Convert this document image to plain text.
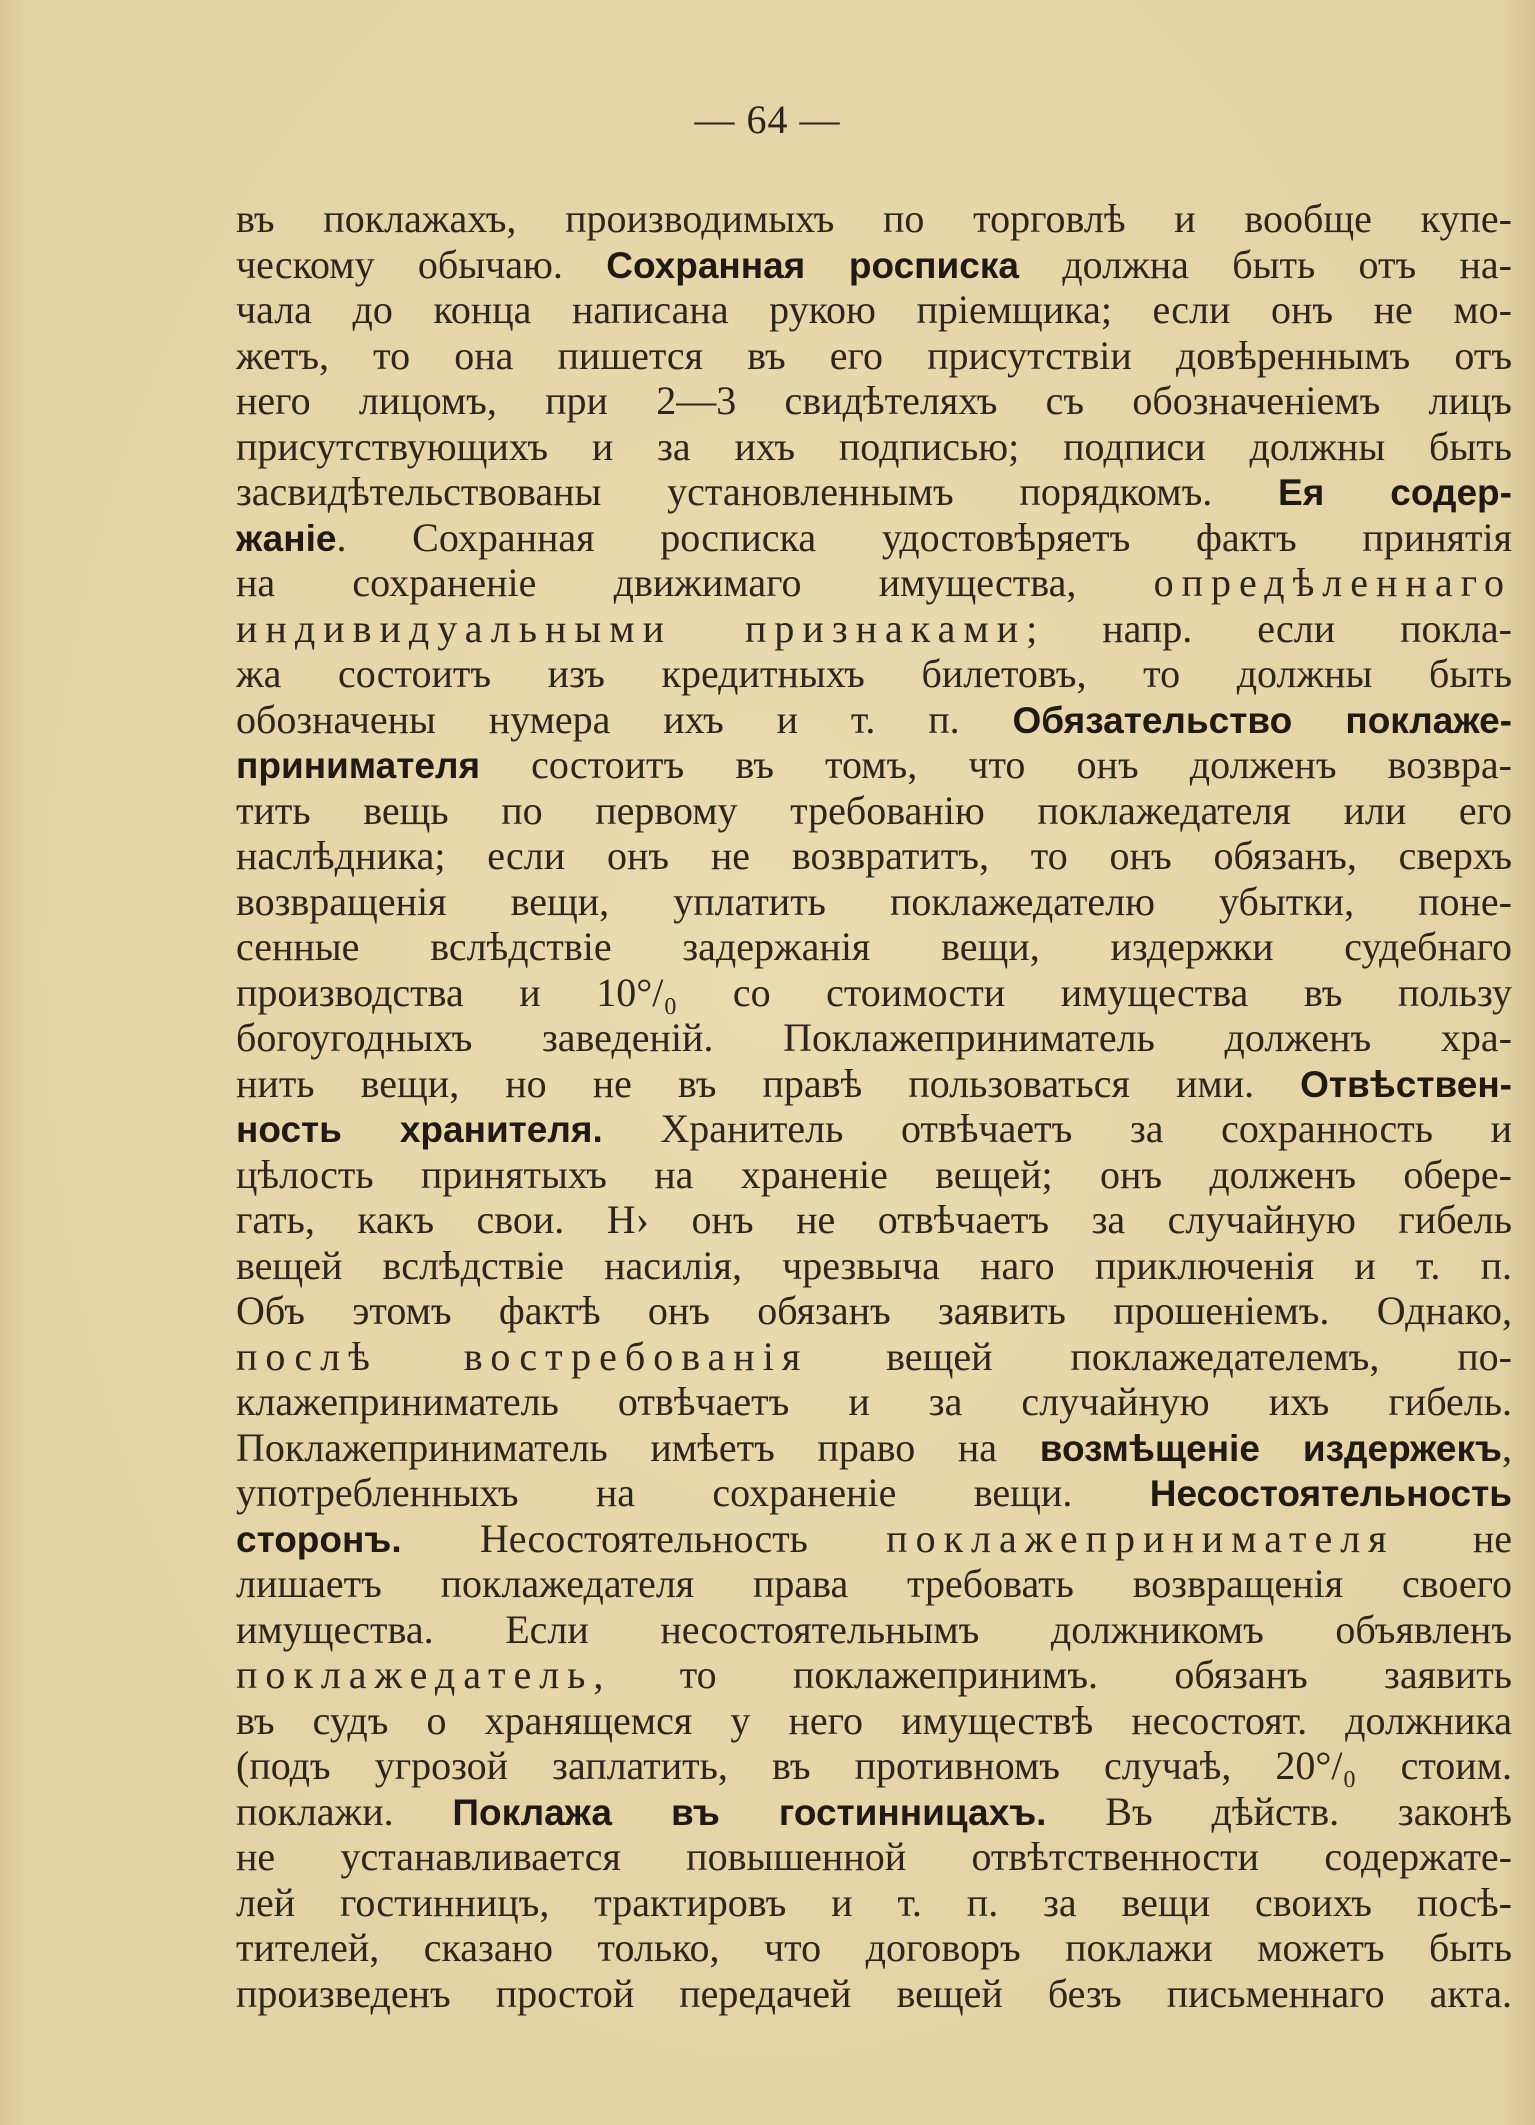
— 64 —
въ поклажахъ, производимыхъ по торговлѣ и вообще купе-
ческому обычаю. Сохранная росписка должна быть отъ на-
чала до конца написана рукою пріемщика; если онъ не мо-
жетъ, то она пишется въ его присутствіи довѣреннымъ отъ
него лицомъ, при 2—3 свидѣтеляхъ съ обозначеніемъ лицъ
присутствующихъ и за ихъ подписью; подписи должны быть
засвидѣтельствованы установленнымъ порядкомъ. Ея содер-
жаніе. Сохранная росписка удостовѣряетъ фактъ принятія
на сохраненіе движимаго имущества, опредѣленнаго
индивидуальными признаками; напр. если покла-
жа состоитъ изъ кредитныхъ билетовъ, то должны быть
обозначены нумера ихъ и т. п. Обязательство поклаже-
принимателя состоитъ въ томъ, что онъ долженъ возвра-
тить вещь по первому требованію поклажедателя или его
наслѣдника; если онъ не возвратитъ, то онъ обязанъ, сверхъ
возвращенія вещи, уплатить поклажедателю убытки, поне-
сенные вслѣдствіе задержанія вещи, издержки судебнаго
производства и 10°/₀ со стоимости имущества въ пользу
богоугодныхъ заведеній. Поклажеприниматель долженъ хра-
нить вещи, но не въ правѣ пользоваться ими. Отвѣствен-
ность хранителя. Хранитель отвѣчаетъ за сохранность и
цѣлость принятыхъ на храненіе вещей; онъ долженъ обере-
гать, какъ свои. Н› онъ не отвѣчаетъ за случайную гибель
вещей вслѣдствіе насилія, чрезвыча наго приключенія и т. п.
Объ этомъ фактѣ онъ обязанъ заявить прошеніемъ. Однако,
послѣ востребованія вещей поклажедателемъ, по-
клажеприниматель отвѣчаетъ и за случайную ихъ гибель.
Поклажеприниматель имѣетъ право на возмѣщеніе издержекъ,
употребленныхъ на сохраненіе вещи. Несостоятельность
сторонъ. Несостоятельность поклажепринимателя не
лишаетъ поклажедателя права требовать возвращенія своего
имущества. Если несостоятельнымъ должникомъ объявленъ
поклажедатель, то поклажепринимъ. обязанъ заявить
въ судъ о хранящемся у него имуществѣ несостоят. должника
(подъ угрозой заплатить, въ противномъ случаѣ, 20°/₀ стоим.
поклажи. Поклажа въ гостинницахъ. Въ дѣйств. законѣ
не устанавливается повышенной отвѣтственности содержате-
лей гостинницъ, трактировъ и т. п. за вещи своихъ посѣ-
тителей, сказано только, что договоръ поклажи можетъ быть
произведенъ простой передачей вещей безъ письменнаго акта.
